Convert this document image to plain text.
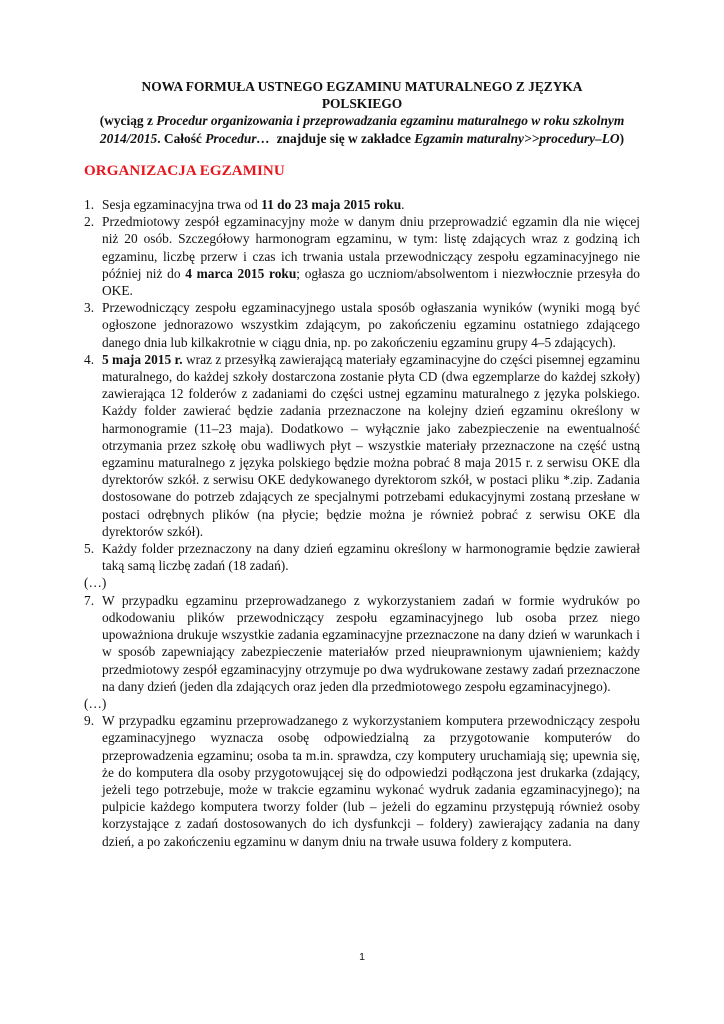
NOWA FORMUŁA USTNEGO EGZAMINU MATURALNEGO Z JĘZYKA
POLSKIEGO
(wyciąg z Procedur organizowania i przeprowadzania egzaminu maturalnego w roku szkolnym 2014/2015. Całość Procedur…  znajduje się w zakładce Egzamin maturalny>>procedury–LO)
ORGANIZACJA EGZAMINU
1. Sesja egzaminacyjna trwa od 11 do 23 maja 2015 roku.
2. Przedmiotowy zespół egzaminacyjny może w danym dniu przeprowadzić egzamin dla nie więcej niż 20 osób. Szczegółowy harmonogram egzaminu, w tym: listę zdających wraz z godziną ich egzaminu, liczbę przerw i czas ich trwania ustala przewodniczący zespołu egzaminacyjnego nie później niż do 4 marca 2015 roku; ogłasza go uczniom/absolwentom i niezwłocznie przesyła do OKE.
3. Przewodniczący zespołu egzaminacyjnego ustala sposób ogłaszania wyników (wyniki mogą być ogłoszone jednorazowo wszystkim zdającym, po zakończeniu egzaminu ostatniego zdającego danego dnia lub kilkakrotnie w ciągu dnia, np. po zakończeniu egzaminu grupy 4–5 zdających).
4. 5 maja 2015 r. wraz z przesyłką zawierającą materiały egzaminacyjne do części pisemnej egzaminu maturalnego, do każdej szkoły dostarczona zostanie płyta CD (dwa egzemplarze do każdej szkoły) zawierająca 12 folderów z zadaniami do części ustnej egzaminu maturalnego z języka polskiego. Każdy folder zawierać będzie zadania przeznaczone na kolejny dzień egzaminu określony w harmonogramie (11–23 maja). Dodatkowo – wyłącznie jako zabezpieczenie na ewentualność otrzymania przez szkołę obu wadliwych płyt – wszystkie materiały przeznaczone na część ustną egzaminu maturalnego z języka polskiego będzie można pobrać 8 maja 2015 r. z serwisu OKE dla dyrektorów szkół. z serwisu OKE dedykowanego dyrektorom szkół, w postaci pliku *.zip. Zadania dostosowane do potrzeb zdających ze specjalnymi potrzebami edukacyjnymi zostaną przesłane w postaci odrębnych plików (na płycie; będzie można je również pobrać z serwisu OKE dla dyrektorów szkół).
5. Każdy folder przeznaczony na dany dzień egzaminu określony w harmonogramie będzie zawierał taką samą liczbę zadań (18 zadań).
(…)
7. W przypadku egzaminu przeprowadzanego z wykorzystaniem zadań w formie wydruków po odkodowaniu plików przewodniczący zespołu egzaminacyjnego lub osoba przez niego upoważniona drukuje wszystkie zadania egzaminacyjne przeznaczone na dany dzień w warunkach i w sposób zapewniający zabezpieczenie materiałów przed nieuprawnionym ujawnieniem; każdy przedmiotowy zespół egzaminacyjny otrzymuje po dwa wydrukowane zestawy zadań przeznaczone na dany dzień (jeden dla zdających oraz jeden dla przedmiotowego zespołu egzaminacyjnego).
(…)
9. W przypadku egzaminu przeprowadzanego z wykorzystaniem komputera przewodniczący zespołu egzaminacyjnego wyznacza osobę odpowiedzialną za przygotowanie komputerów do przeprowadzenia egzaminu; osoba ta m.in. sprawdza, czy komputery uruchamiają się; upewnia się, że do komputera dla osoby przygotowującej się do odpowiedzi podłączona jest drukarka (zdający, jeżeli tego potrzebuje, może w trakcie egzaminu wykonać wydruk zadania egzaminacyjnego); na pulpicie każdego komputera tworzy folder (lub – jeżeli do egzaminu przystępują również osoby korzystające z zadań dostosowanych do ich dysfunkcji – foldery) zawierający zadania na dany dzień, a po zakończeniu egzaminu w danym dniu na trwałe usuwa foldery z komputera.
1
